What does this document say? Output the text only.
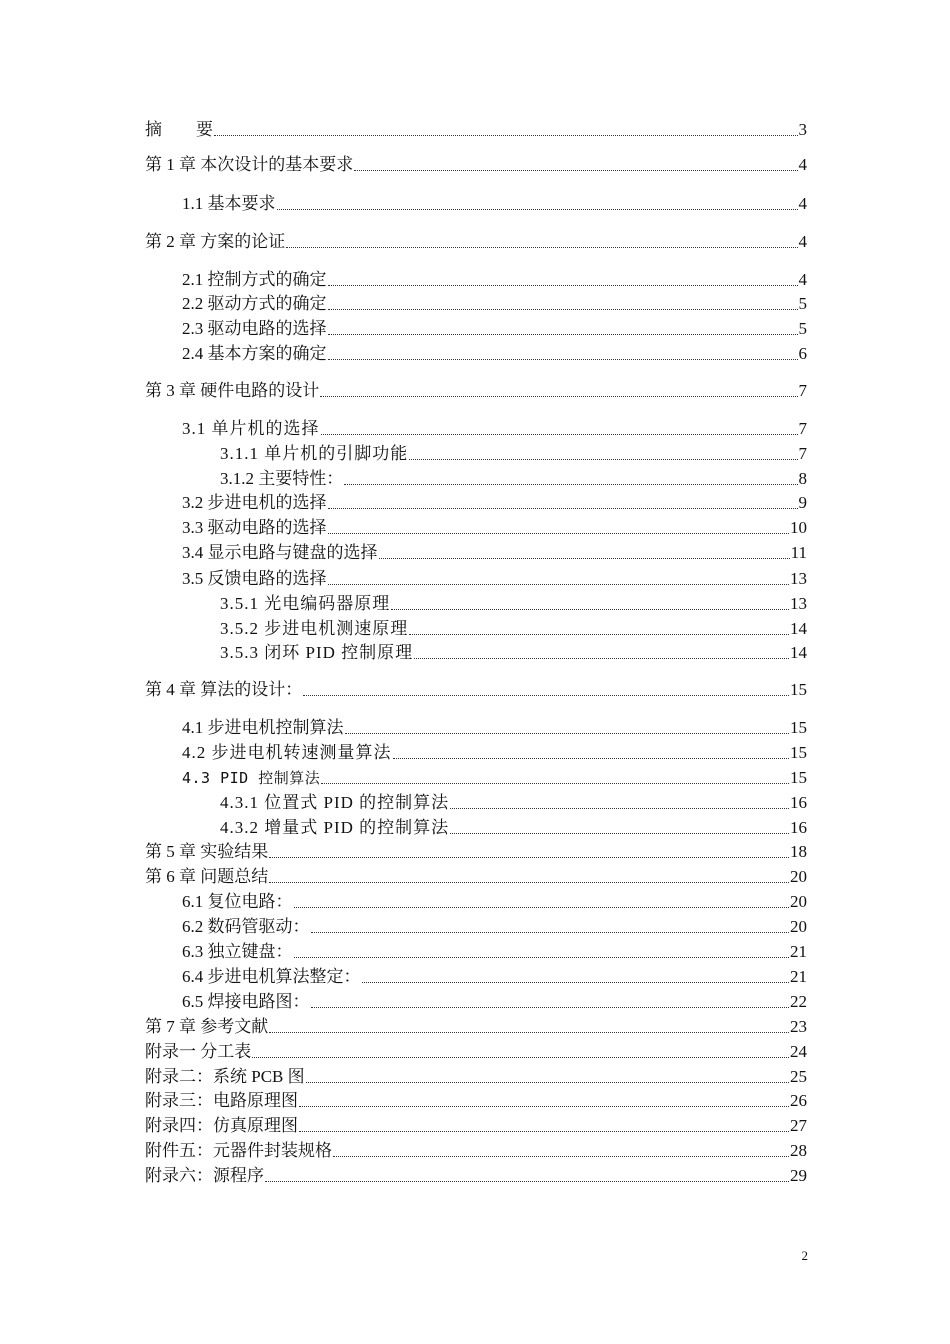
摘　　要	3
第 1 章 本次设计的基本要求	4
1.1 基本要求	4
第 2 章 方案的论证	4
2.1 控制方式的确定	4
2.2 驱动方式的确定	5
2.3 驱动电路的选择	5
2.4 基本方案的确定	6
第 3 章 硬件电路的设计	7
3.1 单片机的选择	7
3.1.1 单片机的引脚功能	7
3.1.2 主要特性：	8
3.2 步进电机的选择	9
3.3 驱动电路的选择	10
3.4 显示电路与键盘的选择	11
3.5 反馈电路的选择	13
3.5.1 光电编码器原理	13
3.5.2 步进电机测速原理	14
3.5.3 闭环 PID 控制原理	14
第 4 章 算法的设计：	15
4.1 步进电机控制算法	15
4.2 步进电机转速测量算法	15
4.3 PID 控制算法	15
4.3.1 位置式 PID 的控制算法	16
4.3.2 增量式 PID 的控制算法	16
第 5 章 实验结果	18
第 6 章 问题总结	20
6.1 复位电路：	20
6.2 数码管驱动：	20
6.3 独立键盘：	21
6.4 步进电机算法整定：	21
6.5 焊接电路图：	22
第 7 章 参考文献	23
附录一 分工表	24
附录二：系统 PCB 图	25
附录三：电路原理图	26
附录四：仿真原理图	27
附件五：元器件封装规格	28
附录六：源程序	29
2
